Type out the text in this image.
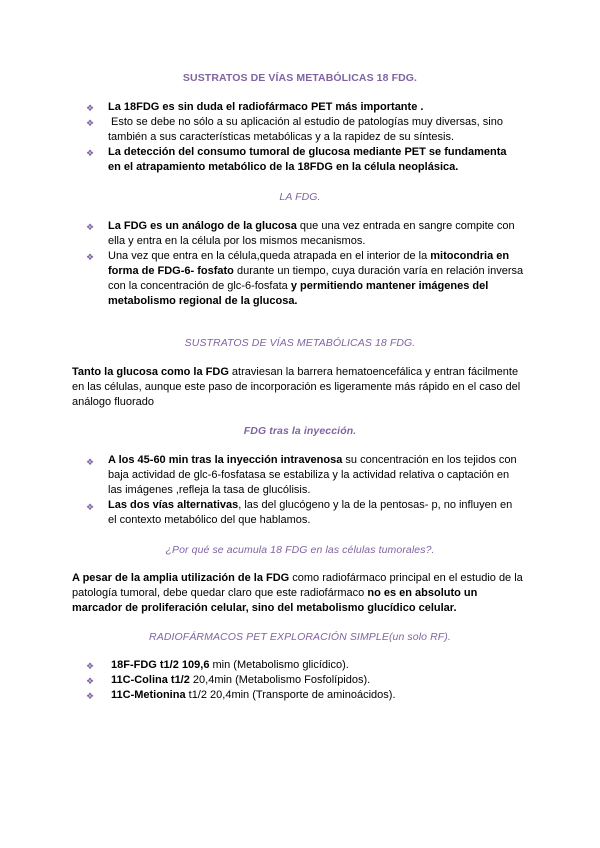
SUSTRATOS DE VÍAS METABÓLICAS 18 FDG.
❖ La 18FDG es sin duda el radiofármaco PET más importante .
❖ Esto se debe no sólo a su aplicación al estudio de patologías muy diversas, sino
también a sus características metabólicas y a la rapidez de su síntesis.
❖ La detección del consumo tumoral de glucosa mediante PET se fundamenta
en el atrapamiento metabólico de la 18FDG en la célula neoplásica.
LA FDG.
❖ La FDG es un análogo de la glucosa que una vez entrada en sangre compite con
ella y entra en la célula por los mismos mecanismos.
❖ Una vez que entra en la célula,queda atrapada en el interior de la mitocondria en
forma de FDG-6- fosfato durante un tiempo, cuya duración varía en relación inversa
con la concentración de glc-6-fosfata y permitiendo mantener imágenes del
metabolismo regional de la glucosa.
SUSTRATOS DE VÍAS METABÓLICAS 18 FDG.
Tanto la glucosa como la FDG atraviesan la barrera hematoencefálica y entran fácilmente
en las células, aunque este paso de incorporación es ligeramente más rápido en el caso del
análogo fluorado
FDG tras la inyección.
❖ A los 45-60 min tras la inyección intravenosa su concentración en los tejidos con
baja actividad de glc-6-fosfatasa se estabiliza y la actividad relativa o captación en
las imágenes ,refleja la tasa de glucólisis.
❖ Las dos vías alternativas, las del glucógeno y la de la pentosas- p, no influyen en
el contexto metabólico del que hablamos.
¿Por qué se acumula 18 FDG en las células tumorales?.
A pesar de la amplia utilización de la FDG como radiofármaco principal en el estudio de la
patología tumoral, debe quedar claro que este radiofármaco no es en absoluto un
marcador de proliferación celular, sino del metabolismo glucídico celular.
RADIOFÁRMACOS PET EXPLORACIÓN SIMPLE(un solo RF).
❖ 18F-FDG t1/2 109,6 min (Metabolismo glicídico).
❖ 11C-Colina t1/2 20,4min (Metabolismo Fosfolípidos).
❖ 11C-Metionina t1/2 20,4min (Transporte de aminoácidos).
